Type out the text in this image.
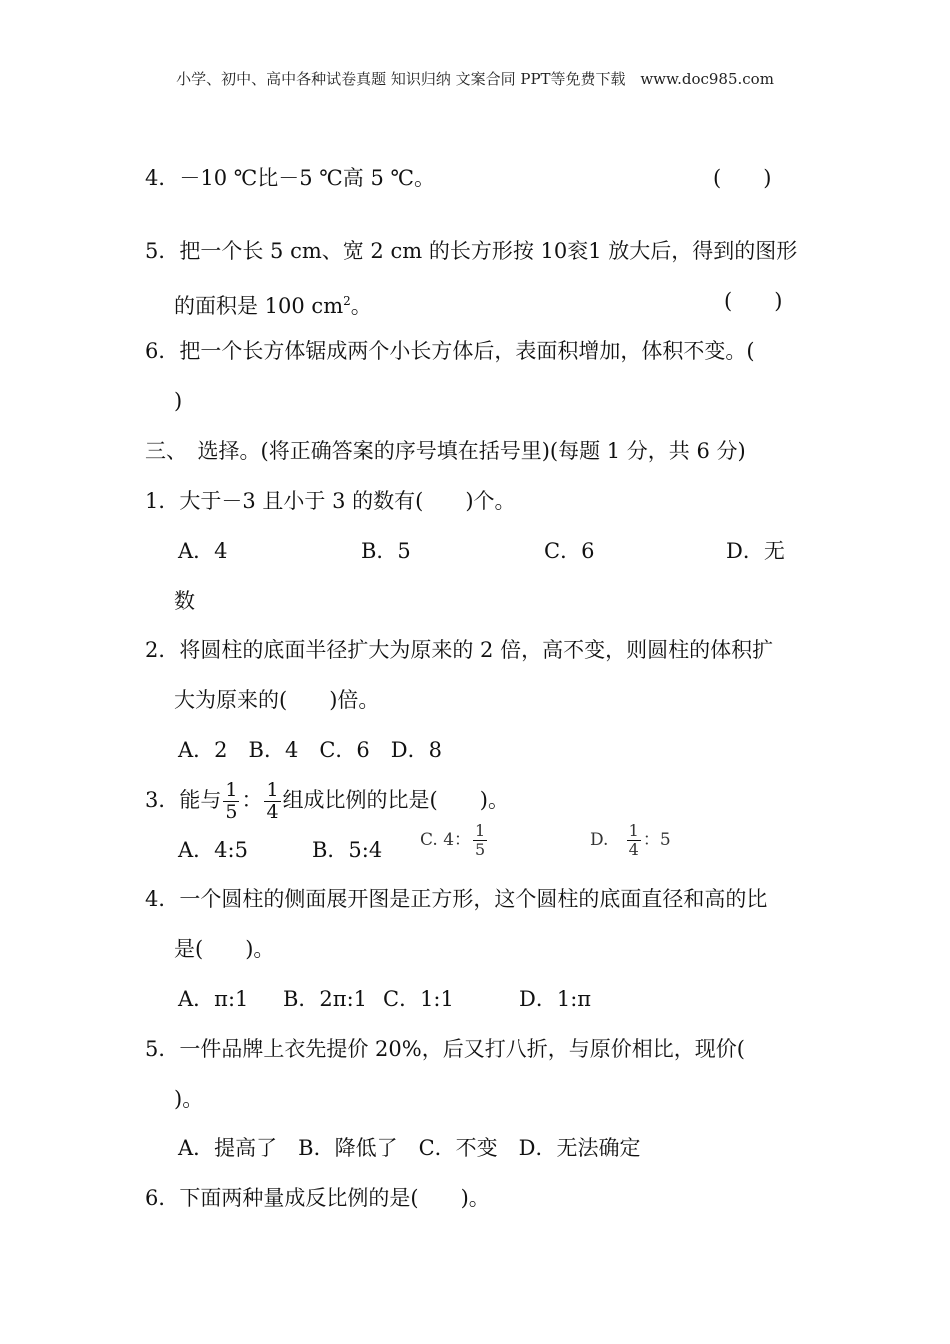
小学、初中、高中各种试卷真题 知识归纳 文案合同 PPT等免费下载 www.doc985.com
4．－10 ℃比－5 ℃高 5 ℃。	(　　)
5．把一个长 5 cm、宽 2 cm 的长方形按 10衮1 放大后，得到的图形
的面积是 100 $cm^2$。	(　　)
6．把一个长方体锯成两个小长方体后，表面积增加，体积不变。(
)
三、　选择。(将正确答案的序号填在括号里)(每题 1 分，共 6 分)
1．大于－3 且小于 3 的数有(　　)个。
A．4	B．5	C．6	D．无
数
2．将圆柱的底面半径扩大为原来的 2 倍，高不变，则圆柱的体积扩
大为原来的(　　)倍。
A．2　B．4　C．6　D．8
3．能与 $\frac{1}{5}$ ： $\frac{1}{4}$ 组成比例的比是(　　)。
A．4:5	B．5:4 C. 4： $\frac{1}{5}$	D. $\frac{1}{4}$ ：5
4．一个圆柱的侧面展开图是正方形，这个圆柱的底面直径和高的比
是(　　)。
A．π:1 B．2π:1 C．1:1	D．1:π
5．一件品牌上衣先提价 20%，后又打八折，与原价相比，现价(
)。
A．提高了　B．降低了　C．不变　D．无法确定
6．下面两种量成反比例的是(　　)。
